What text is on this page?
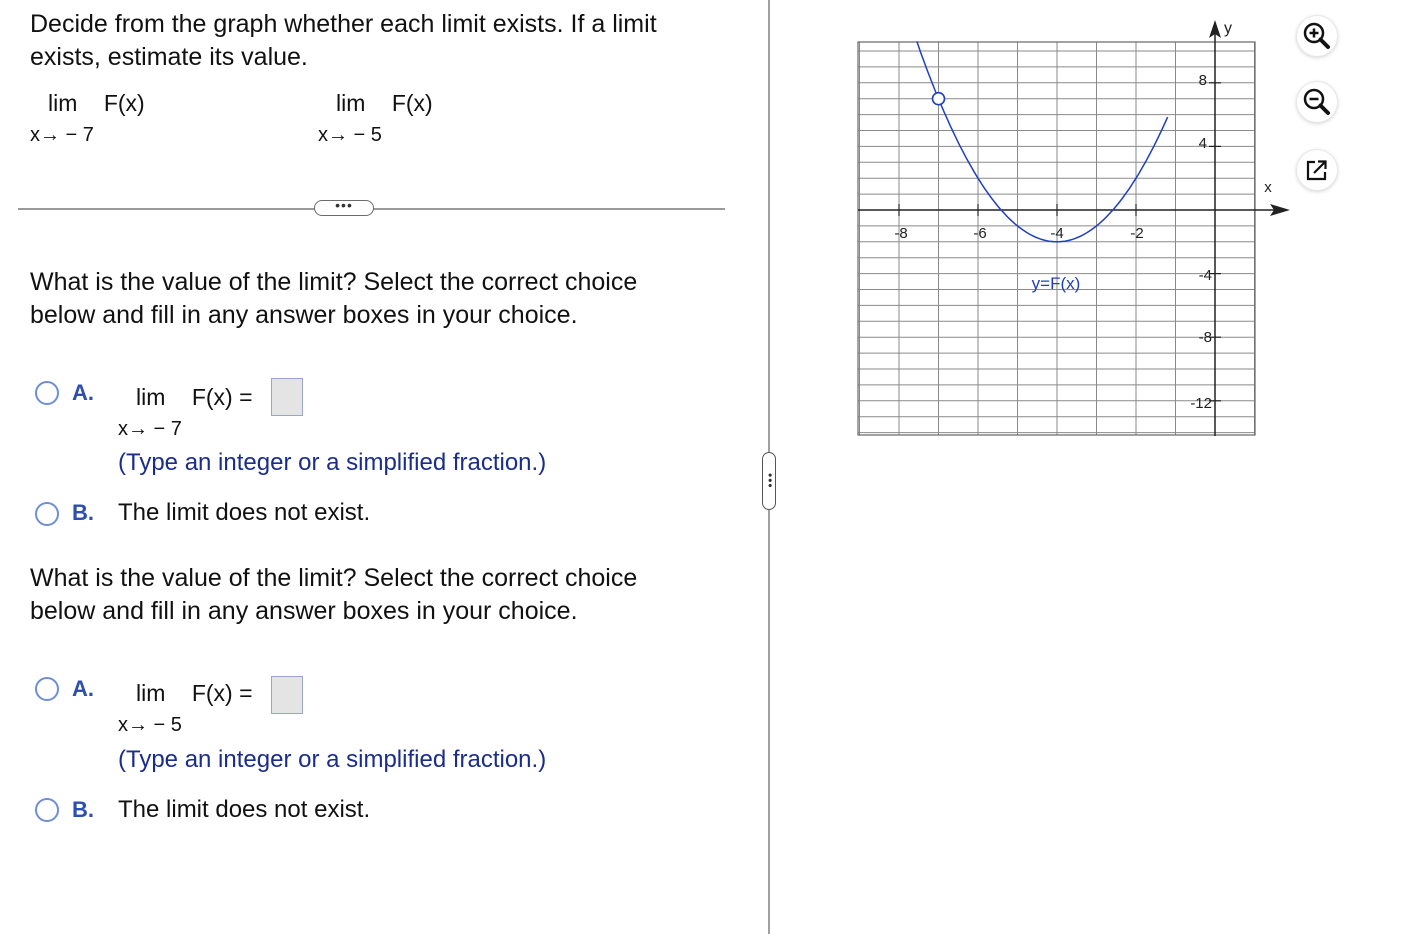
Decide from the graph whether each limit exists. If a limit
exists, estimate its value.
lim F(x)
x→ − 7
lim F(x)
x→ − 5
•••
What is the value of the limit? Select the correct choice
below and fill in any answer boxes in your choice.
A. lim F(x) =
x→ − 7
(Type an integer or a simplified fraction.)
B. The limit does not exist.
What is the value of the limit? Select the correct choice
below and fill in any answer boxes in your choice.
A. lim F(x) =
x→ − 5
(Type an integer or a simplified fraction.)
B. The limit does not exist.
•••
-8	-6	-4	-2
8
4
-4
-8
-12
x
y
y=F(x)
